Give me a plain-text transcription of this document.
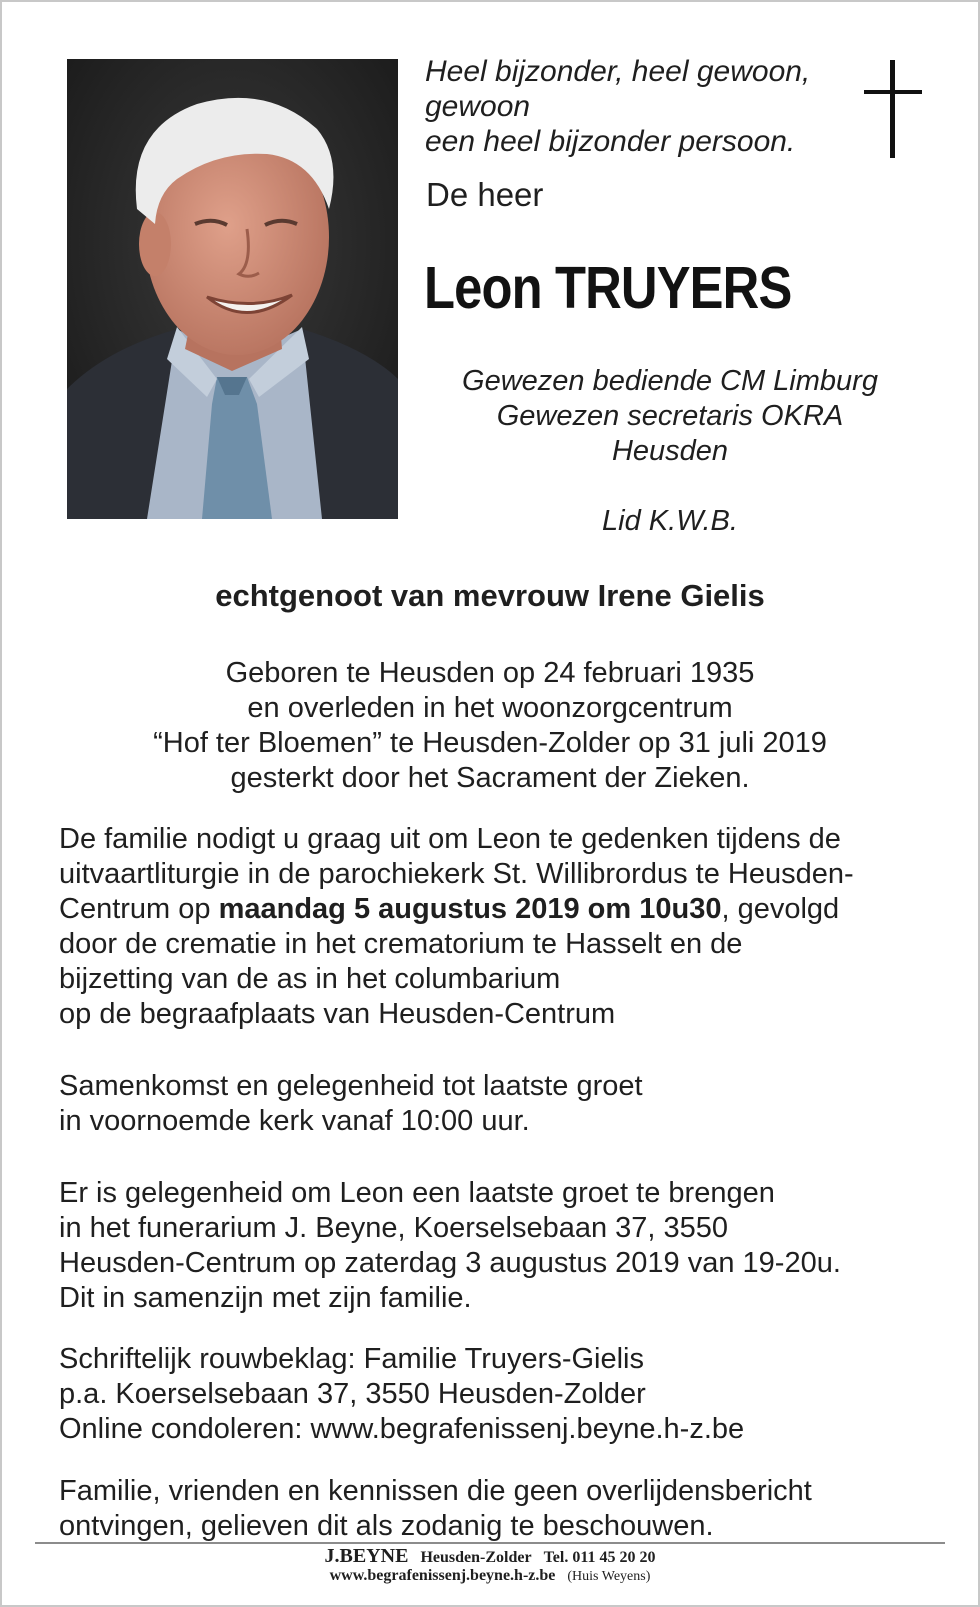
Heel bijzonder, heel gewoon,
gewoon
een heel bijzonder persoon.
De heer
Leon TRUYERS
Gewezen bediende CM Limburg
Gewezen secretaris OKRA
Heusden
Lid K.W.B.
echtgenoot van mevrouw Irene Gielis
Geboren te Heusden op 24 februari 1935
en overleden in het woonzorgcentrum
“Hof ter Bloemen” te Heusden-Zolder op 31 juli 2019
gesterkt door het Sacrament der Zieken.
De familie nodigt u graag uit om Leon te gedenken tijdens de
uitvaartliturgie in de parochiekerk St. Willibrordus te Heusden-
Centrum op maandag 5 augustus 2019 om 10u30, gevolgd
door de crematie in het crematorium te Hasselt en de
bijzetting van de as in het columbarium
op de begraafplaats van Heusden-Centrum
Samenkomst en gelegenheid tot laatste groet
in voornoemde kerk vanaf 10:00 uur.
Er is gelegenheid om Leon een laatste groet te brengen
in het funerarium J. Beyne, Koerselsebaan 37, 3550
Heusden-Centrum op zaterdag 3 augustus 2019 van 19-20u.
Dit in samenzijn met zijn familie.
Schriftelijk rouwbeklag: Familie Truyers-Gielis
p.a. Koerselsebaan 37, 3550 Heusden-Zolder
Online condoleren: www.begrafenissenj.beyne.h-z.be
Familie, vrienden en kennissen die geen overlijdensbericht
ontvingen, gelieven dit als zodanig te beschouwen.
J.BEYNE Heusden-Zolder Tel. 011 45 20 20
www.begrafenissenj.beyne.h-z.be (Huis Weyens)
